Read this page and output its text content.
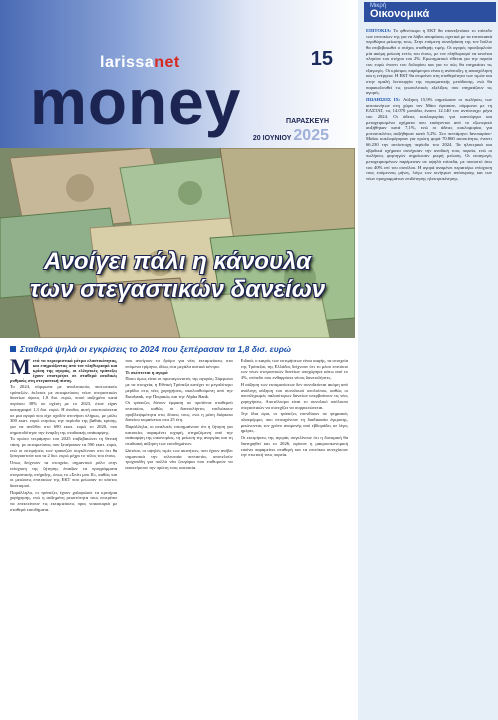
larissanet	15
money	ΠΑΡΑΣΚΕΥΗ
20 ΙΟΥΝΙΟΥ 2025
Ανοίγει πάλι η κάνουλα
των στεγαστικών δανείων
Σταθερά ψηλά οι εγκρίσεις το 2024 που ξεπέρασαν τα 1,8 δισ. ευρώ

Μετά τα περιοριστικά μέτρα ελαστικότητας, και επηρεάζοντας από τον πληθωρισμό και κρίση της αγοράς, οι ελληνικές τράπεζες έχουν επιστρέψει σε σταθερά ανοδικές ρυθμούς στη στεγαστική πίστη.

Το 2024, σύμφωνα με αναλυτικούς πιστωτικούς τράπεζών, έκλεισε με εκταμιεύσεις νέων στεγαστικών δανείων ύψους 1,8 δισ. ευρώ, ποσό αυξημένο κατά περίπου 38% σε σχέση με το 2023, όταν είχαν καταγραφεί 1,3 δισ. ευρώ. Η άνοδος αυτή αποτυπώνεται σε μια αγορά που είχε σχεδόν ατονήσει πλήρως, με μόλις 300 εκατ. ευρώ ετησίως την περίοδο της βαθιάς κρίσης, για να ανέλθει στο 690 εκατ. ευρώ το 2020, που σηματοδότησε την έναρξη της σταδιακής ανάκαμψης.

Το πρώτο τετράμηνο του 2025 επιβεβαιώνει τη θετική τάση, με εκταμιεύσεις που ξεπέρασαν τα 590 εκατ. ευρώ, ενώ οι εκτιμήσεις των τραπεζών συγκλίνουν στο ότι θα ξεπεραστούν και τα 2 δισ. ευρώ μέχρι το τέλος του έτους.

Όπως δείχνουν τα στοιχεία, σημαντικό ρόλο στην ενίσχυση της ζήτησης έπαιξαν τα προγράμματα στεγαστικής στήριξης, όπως το «Σπίτι μου ΙΙ», καθώς και οι μειώσεις επιτοκίων της ΕΚΤ που μείωσαν το κόστος δανεισμού.

Παράλληλα, οι τράπεζες έχουν χαλαρώσει τα κριτήρια χορήγησης, ενώ η αυξημένη ρευστότητα τους επιτρέπει να επεκτείνουν τις εκταμιεύσεις προς νοικοκυριά με σταθερά εισοδήματα.

που ανοίγουν το δρόμο για νέες εκταμιεύσεις στα επόμενα τρίμηνα, ιδίως στα μεγάλα αστικά κέντρα.

Τι σκέπτεται η αγορά

Ποιοι όμως είναι οι πρωταγωνιστές της αγοράς; Σύμφωνα με τα στοιχεία, η Εθνική Τράπεζα κατέχει το μεγαλύτερο μερίδιο στις νέες χορηγήσεις, ακολουθούμενη από την Eurobank, την Πειραιώς και την Alpha Bank.

Οι τράπεζες δίνουν έμφαση σε προϊόντα σταθερού επιτοκίου, καθώς οι δανειολήπτες επιδιώκουν προβλεψιμότητα στις δόσεις τους, ενώ η μέση διάρκεια δανείου κυμαίνεται στα 25 έτη.

Παράλληλα, οι αναλυτές επισημαίνουν ότι η ζήτηση για κατοικίες παραμένει ισχυρή, στηριζόμενη από την ανάκαμψη της οικονομίας, τη μείωση της ανεργίας και τη σταδιακή αύξηση των εισοδημάτων.

Ωστόσο, οι υψηλές τιμές των ακινήτων, που έχουν ανέβει σημαντικά την τελευταία πενταετία, αποτελούν τροχοπέδη για πολλά νέα ζευγάρια που επιθυμούν να αποκτήσουν την πρώτη τους κατοικία.

Ειδικά, ο καιρός των εκτιμήσεων είναι σαφής, τα στοιχεία της Τράπεζας της Ελλάδος δείχνουν ότι το μέσο επιτόκιο των νέων στεγαστικών δανείων υποχώρησε κάτω από το 4%, επίπεδο που ενθαρρύνει νέους δανειολήπτες.

Η αύξηση των εκταμιεύσεων δεν συνοδεύεται ακόμη από ανάλογη αύξηση του συνολικού υπολοίπου, καθώς οι αποπληρωμές παλαιότερων δανείων υπερβαίνουν τις νέες χορηγήσεις. Αποτέλεσμα είναι το συνολικό υπόλοιπο στεγαστικών να συνεχίζει να συρρικνώνεται.

Την ίδια ώρα, οι τράπεζες επενδύουν σε ψηφιακές πλατφόρμες που επιταχύνουν τη διαδικασία έγκρισης, μειώνοντας τον χρόνο αναμονής από εβδομάδες σε λίγες ημέρες.

Οι εκτιμήσεις της αγοράς συγκλίνουν ότι η δυναμική θα διατηρηθεί και το 2026, εφόσον η μακροοικονομική εικόνα παραμείνει σταθερή και τα επιτόκια συνεχίσουν την πτωτική τους πορεία.

Μικρή
Οικονομικά

ΕΠΙΤΟΚΙΑ: Το φθινόπωρο η ΕΚΤ θα επανεξετάσει το επίπεδο των επιτοκίων της για να λάβει αποφάσεις σχετικά με τα επιτοκιακά περιθώρια μείωσης τους. Στην επόμενη συνεδρίαση της τον Ιούλιο θα επιβεβαιωθεί ο στόχος σταθερής τιμής. Οι αγορές προεξοφλούν μία ακόμη μείωση εντός του έτους, με τον πληθωρισμό να κινείται πλησίον του στόχου του 2%. Ερωτηματικό τίθεται για την πορεία του ευρώ έναντι του δολαρίου και για το πώς θα επηρεάσει τις εξαγωγές. Οι κρίσιμες παράμετροι είναι η ανάπτυξη, η απασχόληση και η ενέργεια. Η ΕΚΤ θα επιμείνει στη σταθερότητα των τιμών και στην ομαλή λειτουργία της νομισματικής μετάδοσης, ενώ θα παρακολουθεί τις γεωπολιτικές εξελίξεις που επηρεάζουν τις αγορές.

ΠΩΛΗΣΕΙΣ ΙΧ: Αύξηση 15,9% σημείωσαν οι πωλήσεις των αυτοκινήτων στη χώρα τον Μάιο έφτασαν, σύμφωνα με τη ΕΛΣΤΑΤ, τις 14.070 μονάδες έναντι 12.140 τον αντίστοιχο μήνα του 2024. Οι άδειες κυκλοφορίας για καινούργια και μεταχειρισμένα οχήματα που εισάγονται από το εξωτερικό αυξήθηκαν κατά 7,1%, ενώ οι άδειες κυκλοφορίας για μοτοσυκλέτες αυξήθηκαν κατά 5,2%. Στο πεντάμηνο Ιανουαρίου-Μαΐου κυκλοφόρησαν για πρώτη φορά 70.860 αυτοκίνητα, έναντι 66.230 την αντίστοιχη περίοδο του 2024. Τα ηλεκτρικά και υβριδικά οχήματα συνέχισαν την ανοδική τους πορεία, ενώ οι πωλήσεις φορτηγών σημείωσαν μικρή μείωση. Οι εισαγωγές μεταχειρισμένων παρέμειναν σε υψηλά επίπεδα, με ποσοστό άνω του 40% επί του συνόλου. Η αγορά αναμένει περαιτέρω ενίσχυση τους επόμενους μήνες, λόγω των κινήτρων απόσυρσης και των νέων προγραμμάτων επιδότησης ηλεκτροκίνησης.
